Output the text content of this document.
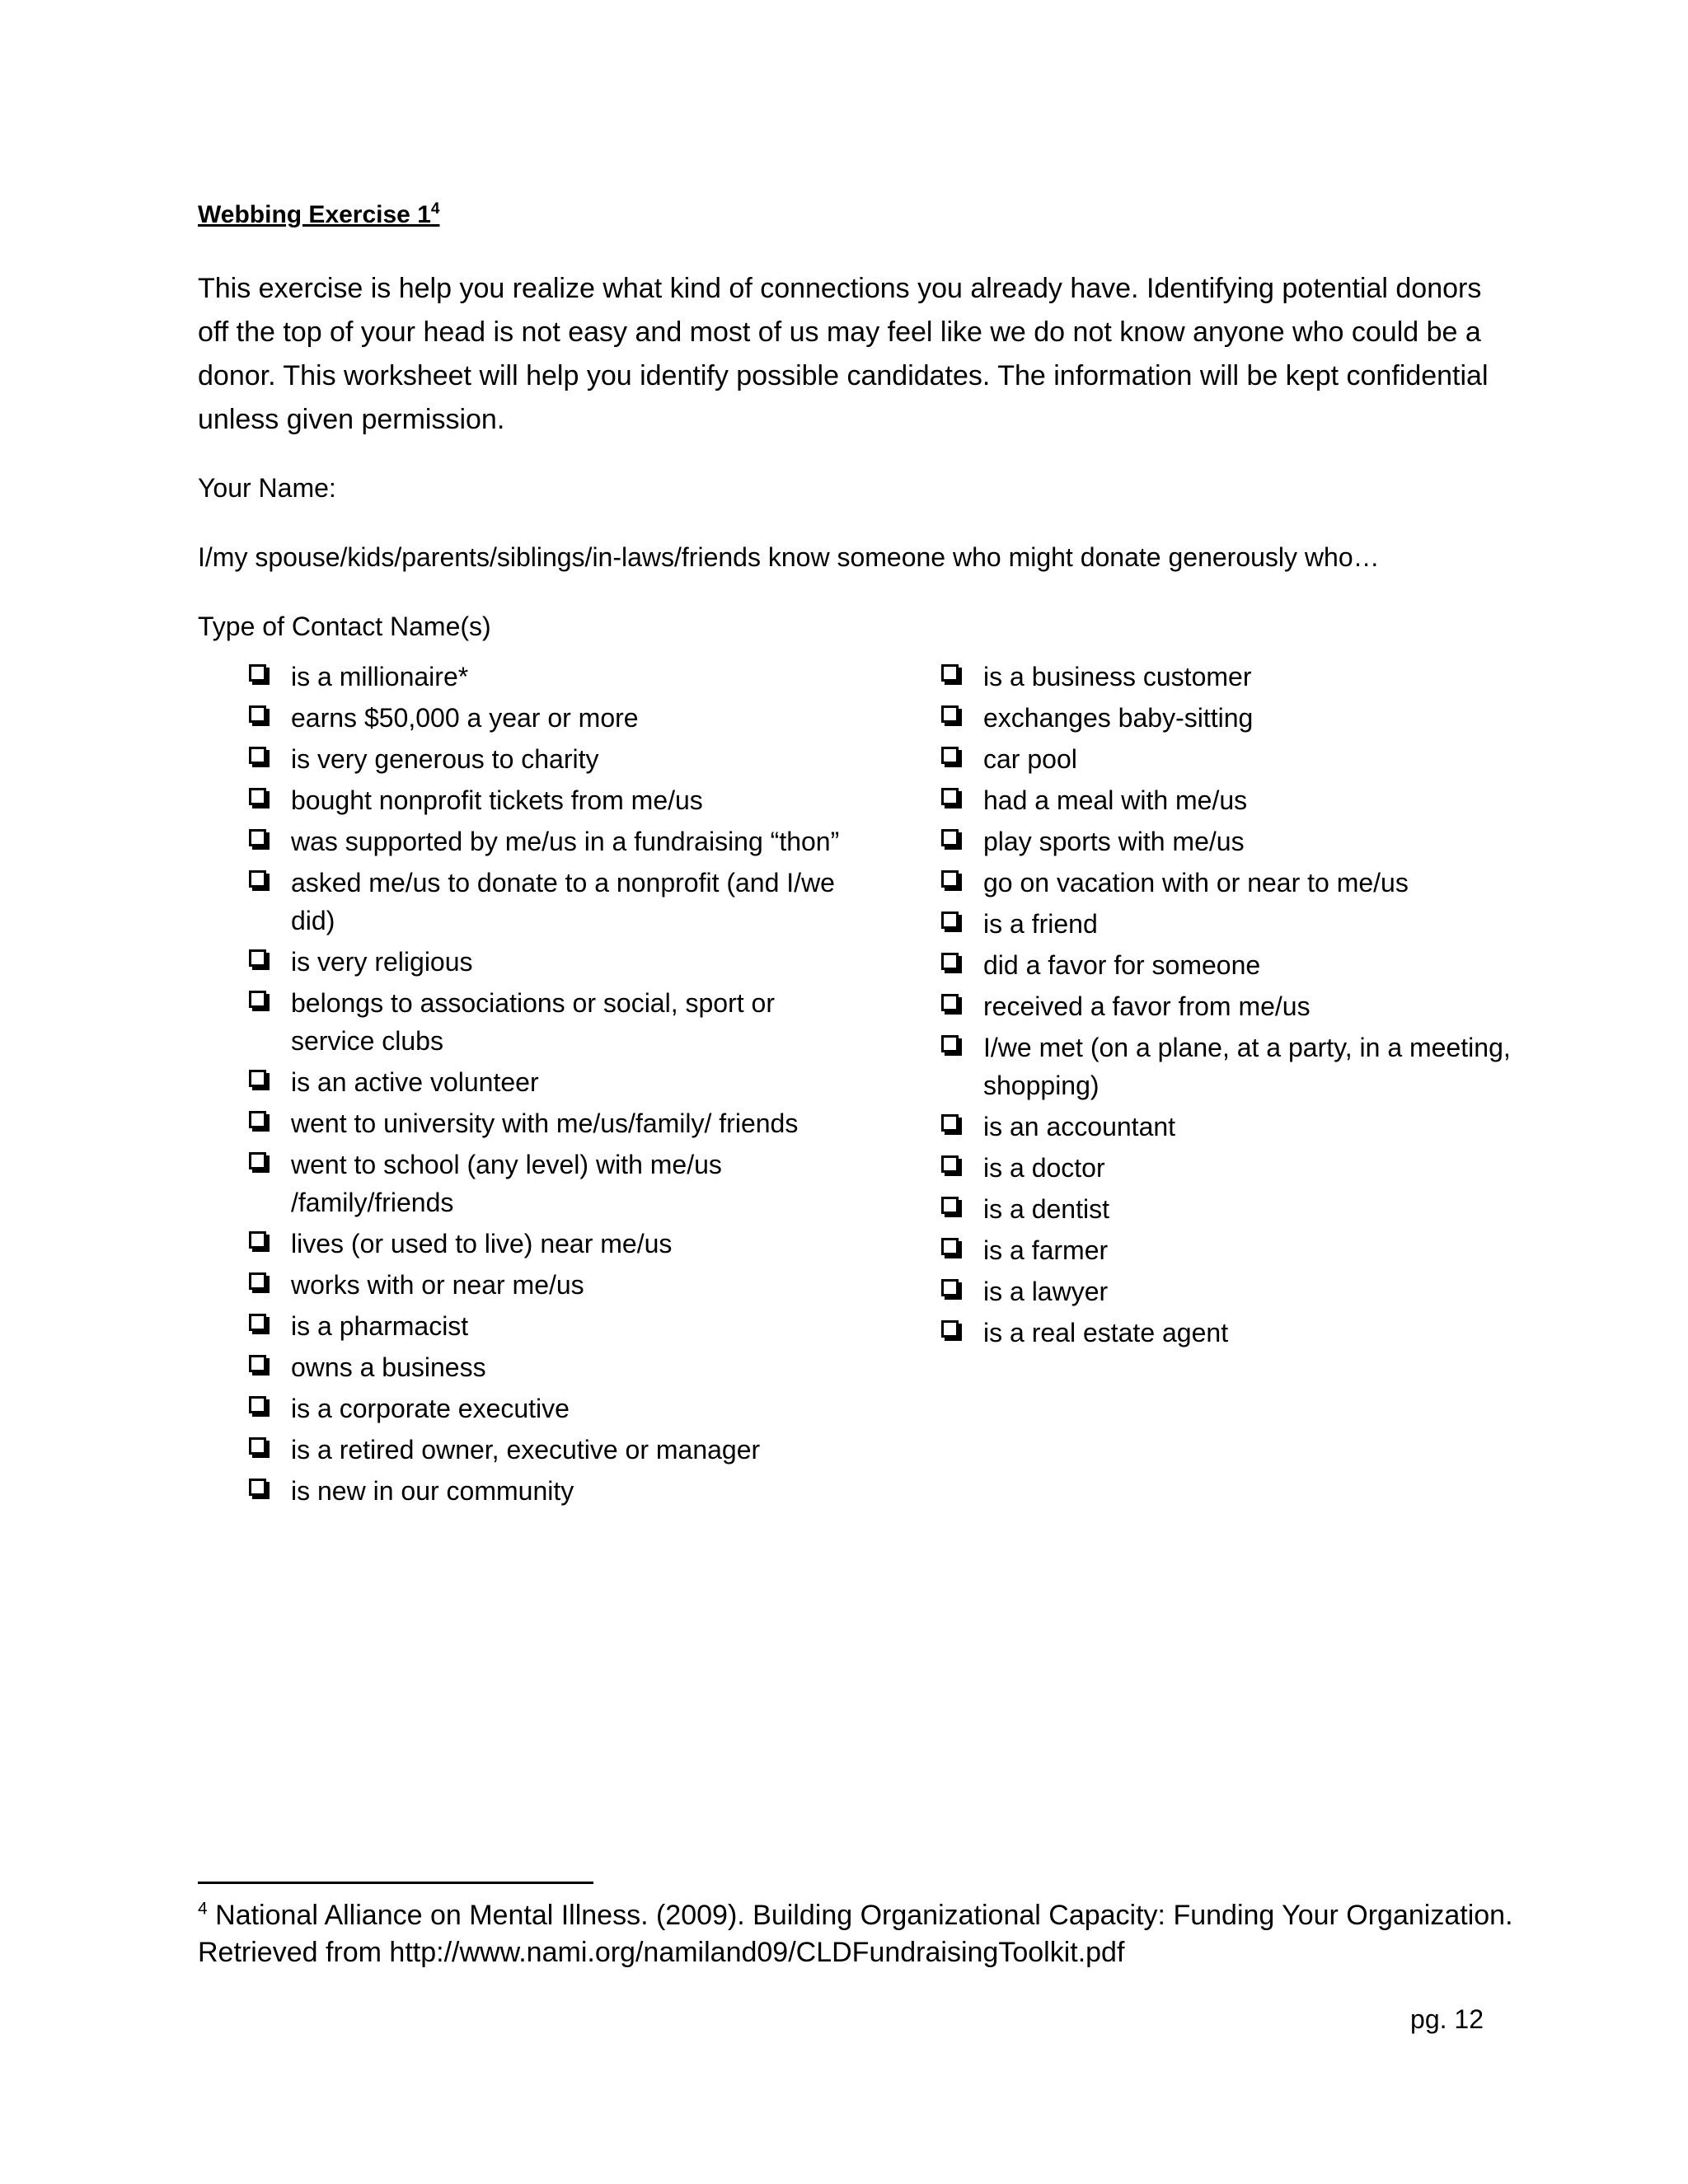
Webbing Exercise $1^4$

This exercise is help you realize what kind of connections you already have. Identifying potential donors off the top of your head is not easy and most of us may feel like we do not know anyone who could be a donor. This worksheet will help you identify possible candidates. The information will be kept confidential unless given permission.

Your Name:
I/my spouse/kids/parents/siblings/in-laws/friends know someone who might donate generously who…
Type of Contact Name(s)
is a millionaire*
earns $50,000 a year or more
is very generous to charity
bought nonprofit tickets from me/us
was supported by me/us in a fundraising “thon”
asked me/us to donate to a nonprofit (and I/we did)
is very religious
belongs to associations or social, sport or service clubs
is an active volunteer
went to university with me/us/family/ friends
went to school (any level) with me/us /family/friends
lives (or used to live) near me/us
works with or near me/us
is a pharmacist
owns a business
is a corporate executive
is a retired owner, executive or manager
is new in our community
is a business customer
exchanges baby-sitting
car pool
had a meal with me/us
play sports with me/us
go on vacation with or near to me/us
is a friend
did a favor for someone
received a favor from me/us
I/we met (on a plane, at a party, in a meeting, shopping)
is an accountant
is a doctor
is a dentist
is a farmer
is a lawyer
is a real estate agent

$^4$ National Alliance on Mental Illness. (2009). Building Organizational Capacity: Funding Your Organization. Retrieved from http://www.nami.org/namiland09/CLDFundraisingToolkit.pdf

pg. 12
